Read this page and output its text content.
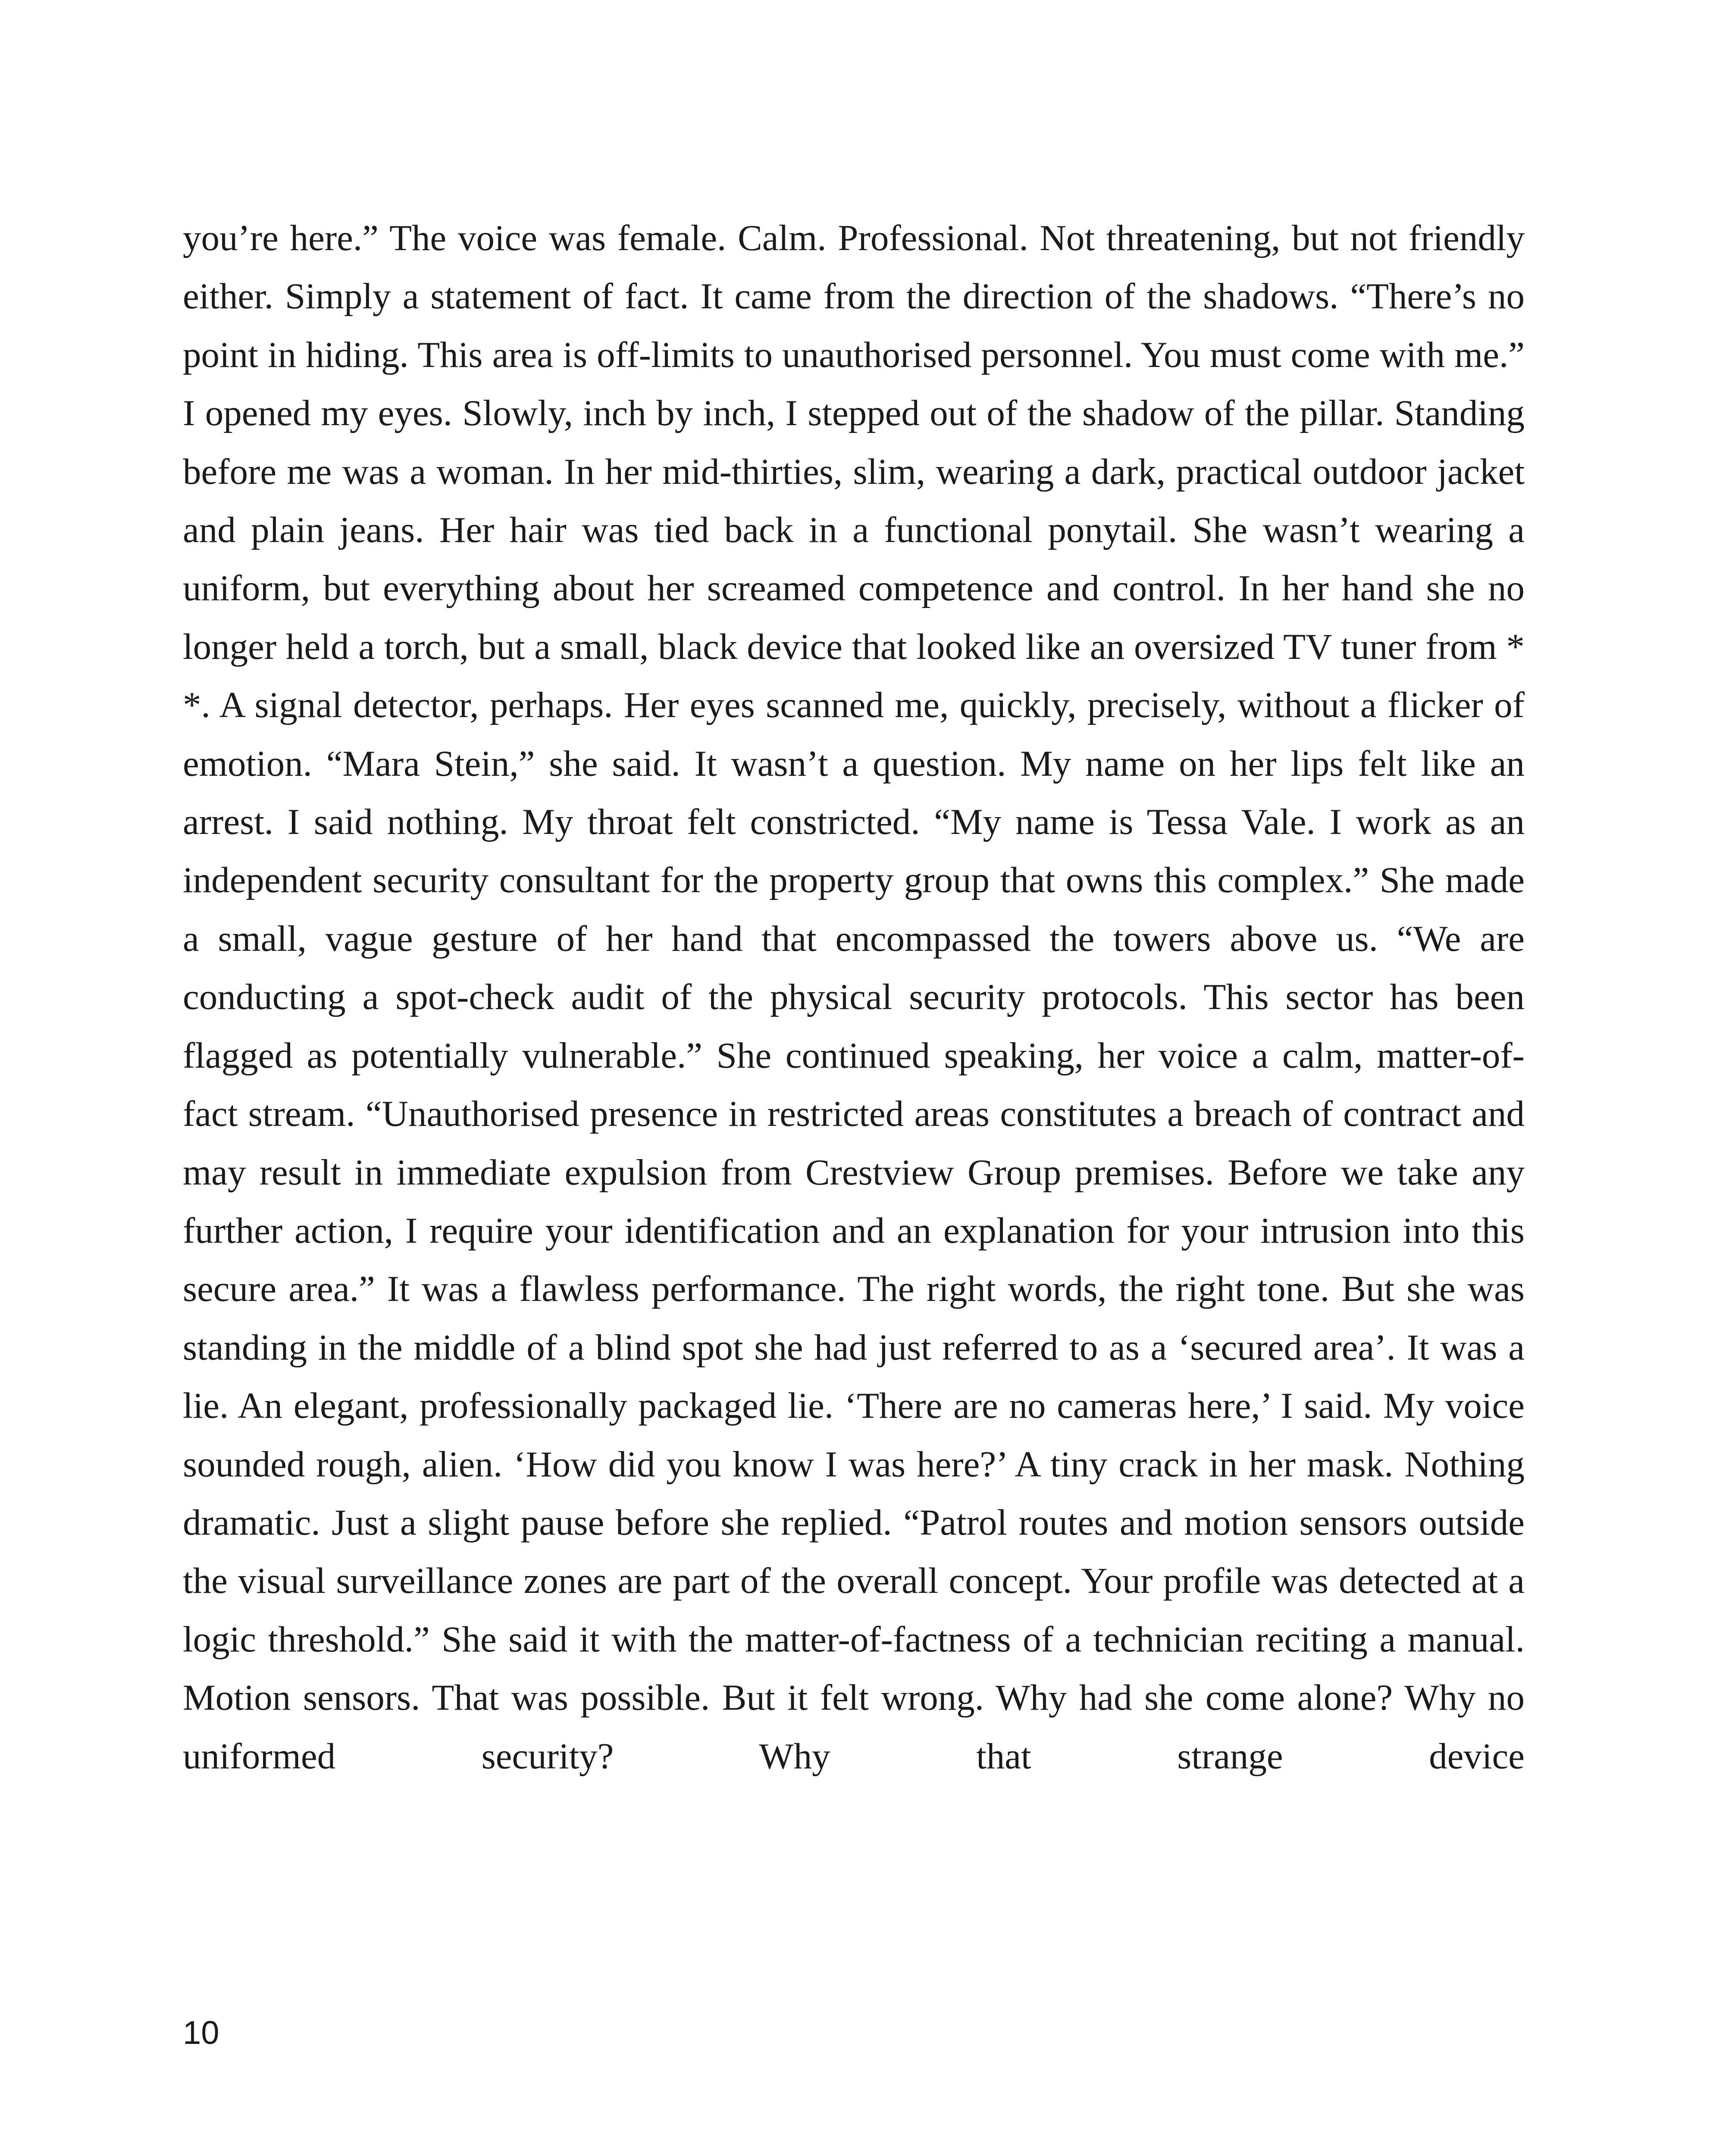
you’re here.” The voice was female. Calm. Professional. Not threatening, but not friendly either. Simply a statement of fact. It came from the direction of the shadows. “There’s no point in hiding. This area is off-limits to unauthorised personnel. You must come with me.” I opened my eyes. Slowly, inch by inch, I stepped out of the shadow of the pillar. Standing before me was a woman. In her mid-thirties, slim, wearing a dark, practical outdoor jacket and plain jeans. Her hair was tied back in a functional ponytail. She wasn’t wearing a uniform, but everything about her screamed competence and control. In her hand she no longer held a torch, but a small, black device that looked like an oversized TV tuner from * *. A signal detector, perhaps. Her eyes scanned me, quickly, precisely, without a flicker of emotion. “Mara Stein,” she said. It wasn’t a question. My name on her lips felt like an arrest. I said nothing. My throat felt constricted. “My name is Tessa Vale. I work as an independent security consultant for the property group that owns this complex.” She made a small, vague gesture of her hand that encompassed the towers above us. “We are conducting a spot-check audit of the physical security protocols. This sector has been flagged as potentially vulnerable.” She continued speaking, her voice a calm, matter-of-fact stream. “Unauthorised presence in restricted areas constitutes a breach of contract and may result in immediate expulsion from Crestview Group premises. Before we take any further action, I require your identification and an explanation for your intrusion into this secure area.” It was a flawless performance. The right words, the right tone. But she was standing in the middle of a blind spot she had just referred to as a ‘secured area’. It was a lie. An elegant, professionally packaged lie. ‘There are no cameras here,’ I said. My voice sounded rough, alien. ‘How did you know I was here?’ A tiny crack in her mask. Nothing dramatic. Just a slight pause before she replied. “Patrol routes and motion sensors outside the visual surveillance zones are part of the overall concept. Your profile was detected at a logic threshold.” She said it with the matter-of-factness of a technician reciting a manual. Motion sensors. That was possible. But it felt wrong. Why had she come alone? Why no uniformed security? Why that strange device

10
